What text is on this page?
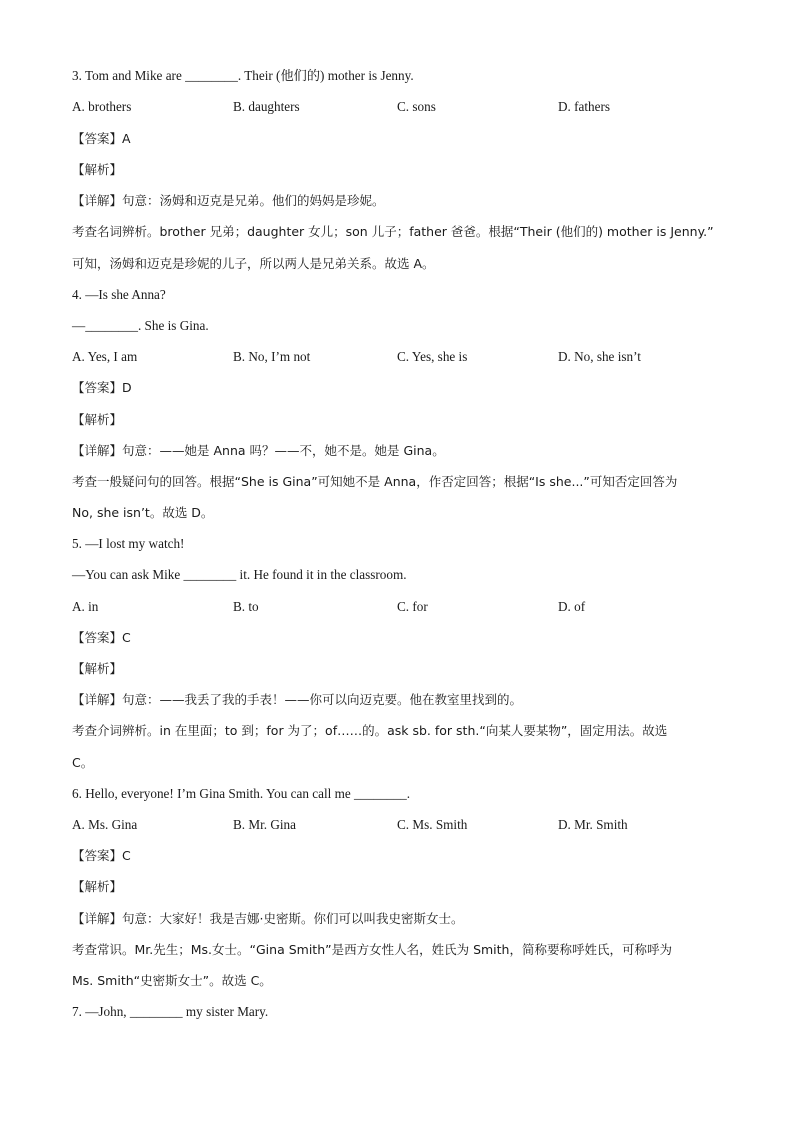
3. Tom and Mike are ________. Their (他们的) mother is Jenny.
A. brothers	B. daughters	C. sons	D. fathers
【答案】A
【解析】
【详解】句意：汤姆和迈克是兄弟。他们的妈妈是珍妮。
考查名词辨析。brother 兄弟；daughter 女儿；son 儿子；father 爸爸。根据“Their (他们的) mother is Jenny.”
可知，汤姆和迈克是珍妮的儿子，所以两人是兄弟关系。故选 A。
4. —Is she Anna?
—________. She is Gina.
A. Yes, I am	B. No, I’m not	C. Yes, she is	D. No, she isn’t
【答案】D
【解析】
【详解】句意：——她是 Anna 吗？——不，她不是。她是 Gina。
考查一般疑问句的回答。根据“She is Gina”可知她不是 Anna，作否定回答；根据“Is she...”可知否定回答为
No, she isn’t。故选 D。
5. —I lost my watch!
—You can ask Mike ________ it. He found it in the classroom.
A. in	B. to	C. for	D. of
【答案】C
【解析】
【详解】句意：——我丢了我的手表！——你可以向迈克要。他在教室里找到的。
考查介词辨析。in 在里面；to 到；for 为了；of……的。ask sb. for sth.“向某人要某物”，固定用法。故选
C。
6. Hello, everyone! I’m Gina Smith. You can call me ________.
A. Ms. Gina	B. Mr. Gina	C. Ms. Smith	D. Mr. Smith
【答案】C
【解析】
【详解】句意：大家好！我是吉娜·史密斯。你们可以叫我史密斯女士。
考查常识。Mr.先生；Ms.女士。“Gina Smith”是西方女性人名，姓氏为 Smith，简称要称呼姓氏，可称呼为
Ms. Smith“史密斯女士”。故选 C。
7. —John, ________ my sister Mary.
